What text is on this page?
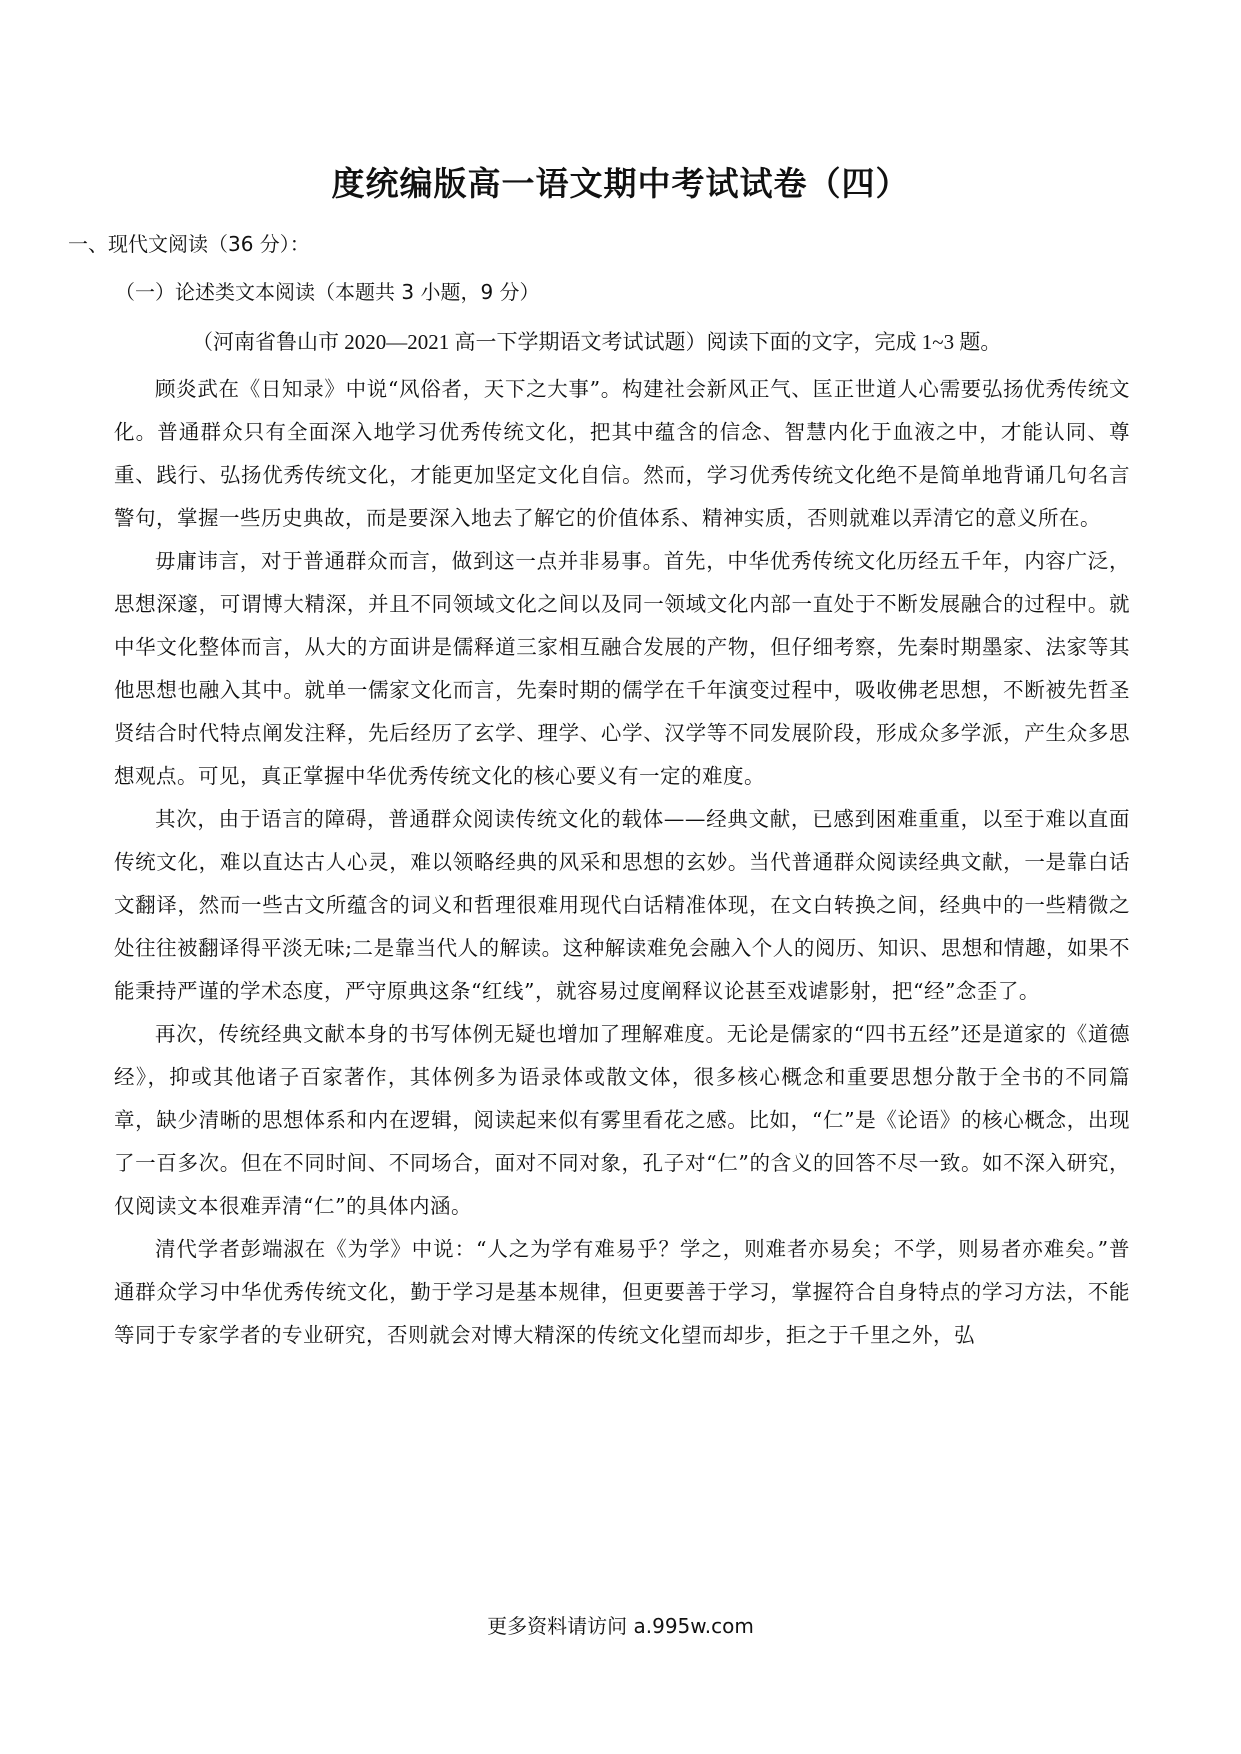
度统编版高一语文期中考试试卷（四）
一、现代文阅读（36 分）：
（一）论述类文本阅读（本题共 3 小题，9 分）
（河南省鲁山市 2020—2021 高一下学期语文考试试题）阅读下面的文字，完成 1~3 题。

顾炎武在《日知录》中说“风俗者，天下之大事”。构建社会新风正气、匡正世道人心需要弘扬优秀传统文化。普通群众只有全面深入地学习优秀传统文化，把其中蕴含的信念、智慧内化于血液之中，才能认同、尊重、践行、弘扬优秀传统文化，才能更加坚定文化自信。然而，学习优秀传统文化绝不是简单地背诵几句名言警句，掌握一些历史典故，而是要深入地去了解它的价值体系、精神实质，否则就难以弄清它的意义所在。

毋庸讳言，对于普通群众而言，做到这一点并非易事。首先，中华优秀传统文化历经五千年，内容广泛，思想深邃，可谓博大精深，并且不同领域文化之间以及同一领域文化内部一直处于不断发展融合的过程中。就中华文化整体而言，从大的方面讲是儒释道三家相互融合发展的产物，但仔细考察，先秦时期墨家、法家等其他思想也融入其中。就单一儒家文化而言，先秦时期的儒学在千年演变过程中，吸收佛老思想，不断被先哲圣贤结合时代特点阐发注释，先后经历了玄学、理学、心学、汉学等不同发展阶段，形成众多学派，产生众多思想观点。可见，真正掌握中华优秀传统文化的核心要义有一定的难度。

其次，由于语言的障碍，普通群众阅读传统文化的载体——经典文献，已感到困难重重，以至于难以直面传统文化，难以直达古人心灵，难以领略经典的风采和思想的玄妙。当代普通群众阅读经典文献，一是靠白话文翻译，然而一些古文所蕴含的词义和哲理很难用现代白话精准体现，在文白转换之间，经典中的一些精微之处往往被翻译得平淡无味;二是靠当代人的解读。这种解读难免会融入个人的阅历、知识、思想和情趣，如果不能秉持严谨的学术态度，严守原典这条“红线”，就容易过度阐释议论甚至戏谑影射，把“经”念歪了。

再次，传统经典文献本身的书写体例无疑也增加了理解难度。无论是儒家的“四书五经”还是道家的《道德经》，抑或其他诸子百家著作，其体例多为语录体或散文体，很多核心概念和重要思想分散于全书的不同篇章，缺少清晰的思想体系和内在逻辑，阅读起来似有雾里看花之感。比如，“仁”是《论语》的核心概念，出现了一百多次。但在不同时间、不同场合，面对不同对象，孔子对“仁”的含义的回答不尽一致。如不深入研究，仅阅读文本很难弄清“仁”的具体内涵。

清代学者彭端淑在《为学》中说：“人之为学有难易乎？学之，则难者亦易矣；不学，则易者亦难矣。”普通群众学习中华优秀传统文化，勤于学习是基本规律，但更要善于学习，掌握符合自身特点的学习方法，不能等同于专家学者的专业研究，否则就会对博大精深的传统文化望而却步，拒之于千里之外，弘

更多资料请访问 a.995w.com
